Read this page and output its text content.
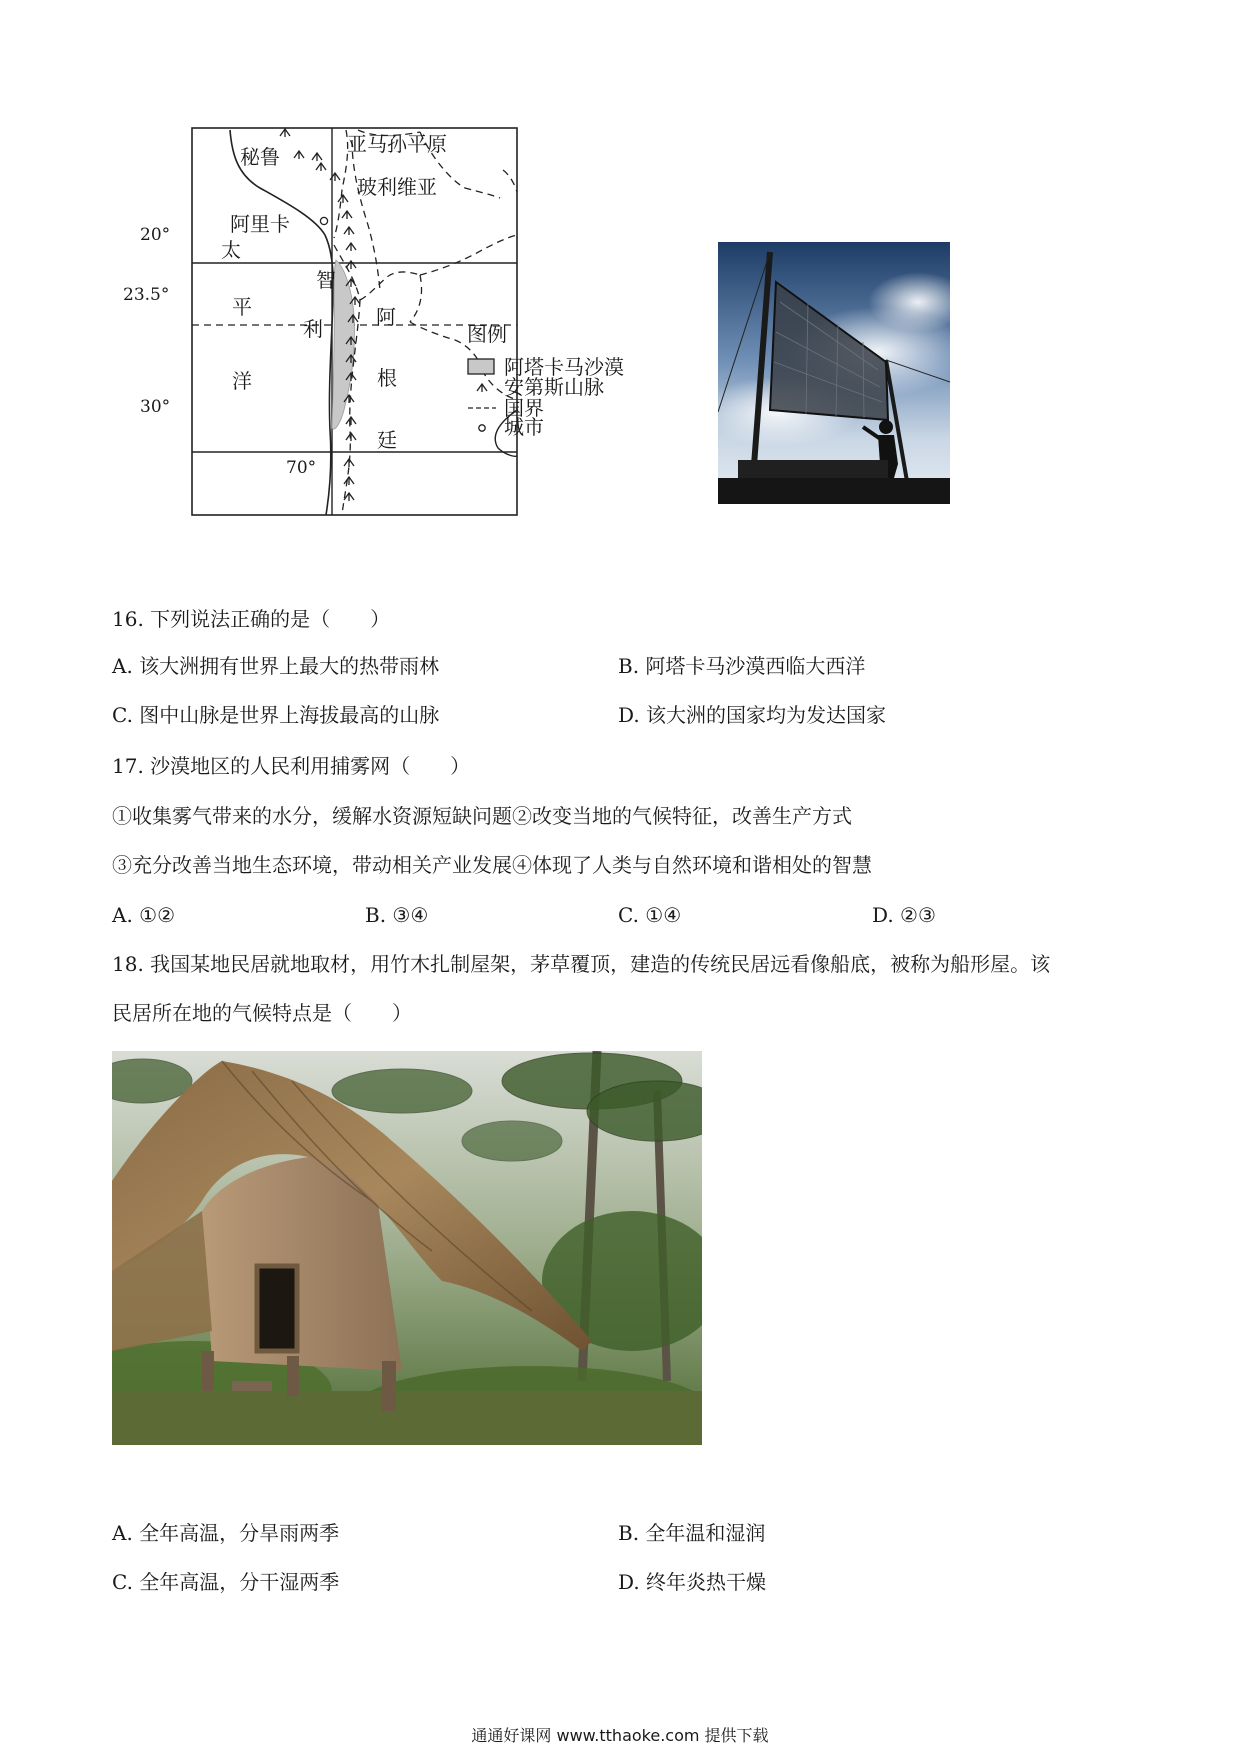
秘鲁
亚马孙平原
玻利维亚
阿里卡
智
利
太
平
洋
阿
根
廷
20°
23.5°
30°
70°
图例
阿塔卡马沙漠
安第斯山脉
国界
城市
16. 下列说法正确的是（　　）
A. 该大洲拥有世界上最大的热带雨林	B. 阿塔卡马沙漠西临大西洋
C. 图中山脉是世界上海拔最高的山脉	D. 该大洲的国家均为发达国家
17. 沙漠地区的人民利用捕雾网（　　）
①收集雾气带来的水分，缓解水资源短缺问题②改变当地的气候特征，改善生产方式
③充分改善当地生态环境，带动相关产业发展④体现了人类与自然环境和谐相处的智慧
A. ①②	B. ③④	C. ①④	D. ②③
18. 我国某地民居就地取材，用竹木扎制屋架，茅草覆顶，建造的传统民居远看像船底，被称为船形屋。该
民居所在地的气候特点是（　　）
A. 全年高温，分旱雨两季	B. 全年温和湿润
C. 全年高温，分干湿两季	D. 终年炎热干燥
通通好课网 www.tthaoke.com 提供下载
